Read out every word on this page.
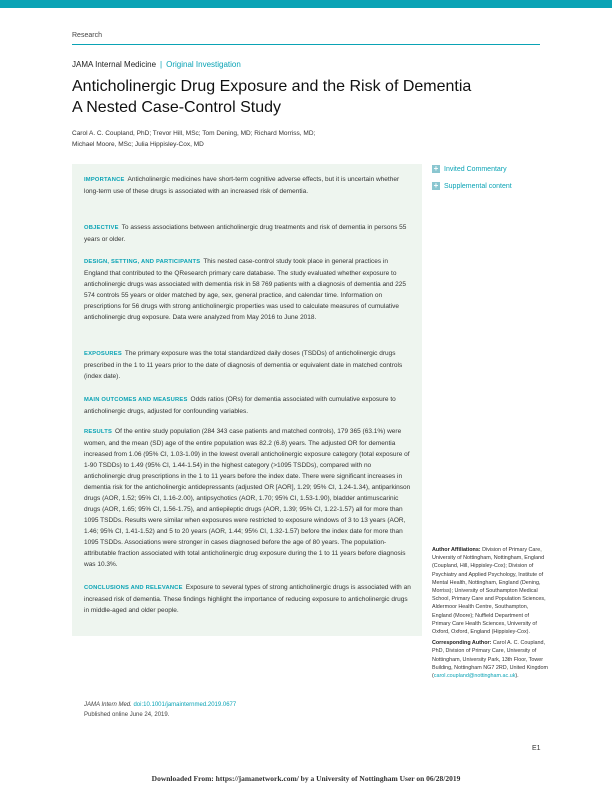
Research
JAMA Internal Medicine | Original Investigation
Anticholinergic Drug Exposure and the Risk of Dementia
A Nested Case-Control Study
Carol A. C. Coupland, PhD; Trevor Hill, MSc; Tom Dening, MD; Richard Morriss, MD;
Michael Moore, MSc; Julia Hippisley-Cox, MD

IMPORTANCE Anticholinergic medicines have short-term cognitive adverse effects, but it is uncertain whether long-term use of these drugs is associated with an increased risk of dementia.

OBJECTIVE To assess associations between anticholinergic drug treatments and risk of dementia in persons 55 years or older.

DESIGN, SETTING, AND PARTICIPANTS This nested case-control study took place in general practices in England that contributed to the QResearch primary care database. The study evaluated whether exposure to anticholinergic drugs was associated with dementia risk in 58 769 patients with a diagnosis of dementia and 225 574 controls 55 years or older matched by age, sex, general practice, and calendar time. Information on prescriptions for 56 drugs with strong anticholinergic properties was used to calculate measures of cumulative anticholinergic drug exposure. Data were analyzed from May 2016 to June 2018.

EXPOSURES The primary exposure was the total standardized daily doses (TSDDs) of anticholinergic drugs prescribed in the 1 to 11 years prior to the date of diagnosis of dementia or equivalent date in matched controls (index date).

MAIN OUTCOMES AND MEASURES Odds ratios (ORs) for dementia associated with cumulative exposure to anticholinergic drugs, adjusted for confounding variables.

RESULTS Of the entire study population (284 343 case patients and matched controls), 179 365 (63.1%) were women, and the mean (SD) age of the entire population was 82.2 (6.8) years. The adjusted OR for dementia increased from 1.06 (95% CI, 1.03-1.09) in the lowest overall anticholinergic exposure category (total exposure of 1-90 TSDDs) to 1.49 (95% CI, 1.44-1.54) in the highest category (>1095 TSDDs), compared with no anticholinergic drug prescriptions in the 1 to 11 years before the index date. There were significant increases in dementia risk for the anticholinergic antidepressants (adjusted OR [AOR], 1.29; 95% CI, 1.24-1.34), antiparkinson drugs (AOR, 1.52; 95% CI, 1.16-2.00), antipsychotics (AOR, 1.70; 95% CI, 1.53-1.90), bladder antimuscarinic drugs (AOR, 1.65; 95% CI, 1.56-1.75), and antiepileptic drugs (AOR, 1.39; 95% CI, 1.22-1.57) all for more than 1095 TSDDs. Results were similar when exposures were restricted to exposure windows of 3 to 13 years (AOR, 1.46; 95% CI, 1.41-1.52) and 5 to 20 years (AOR, 1.44; 95% CI, 1.32-1.57) before the index date for more than 1095 TSDDs. Associations were stronger in cases diagnosed before the age of 80 years. The population-attributable fraction associated with total anticholinergic drug exposure during the 1 to 11 years before diagnosis was 10.3%.

CONCLUSIONS AND RELEVANCE Exposure to several types of strong anticholinergic drugs is associated with an increased risk of dementia. These findings highlight the importance of reducing exposure to anticholinergic drugs in middle-aged and older people.

JAMA Intern Med. doi:10.1001/jamainternmed.2019.0677
Published online June 24, 2019.
+ Invited Commentary
+ Supplemental content
Author Affiliations: Division of Primary Care, University of Nottingham, Nottingham, England (Coupland, Hill, Hippisley-Cox); Division of Psychiatry and Applied Psychology, Institute of Mental Health, Nottingham, England (Dening, Morriss); University of Southampton Medical School, Primary Care and Population Sciences, Aldermoor Health Centre, Southampton, England (Moore); Nuffield Department of Primary Care Health Sciences, University of Oxford, Oxford, England (Hippisley-Cox).
Corresponding Author: Carol A. C. Coupland, PhD, Division of Primary Care, University of Nottingham, University Park, 13th Floor, Tower Building, Nottingham NG7 2RD, United Kingdom (carol.coupland@nottingham.ac.uk).
E1
Downloaded From: https://jamanetwork.com/ by a University of Nottingham User on 06/28/2019
